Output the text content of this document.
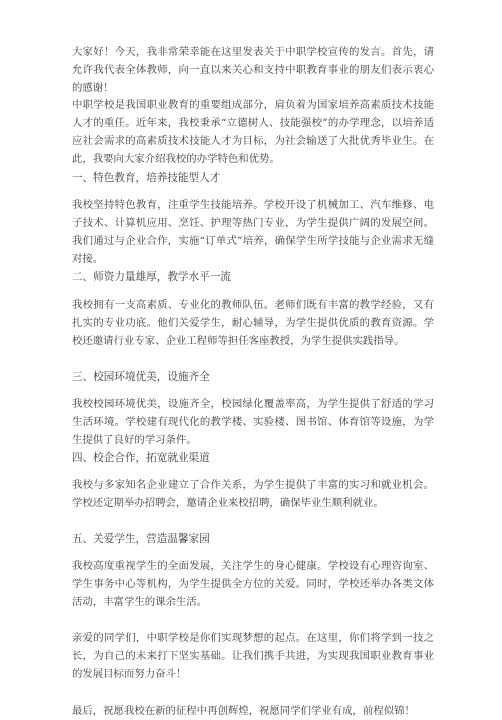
大家好！今天，我非常荣幸能在这里发表关于中职学校宣传的发言。首先，请允许我代表全体教师，向一直以来关心和支持中职教育事业的朋友们表示衷心的感谢！

中职学校是我国职业教育的重要组成部分，肩负着为国家培养高素质技术技能人才的重任。近年来，我校秉承“立德树人、技能强校”的办学理念，以培养适应社会需求的高素质技术技能人才为目标，为社会输送了大批优秀毕业生。在此，我要向大家介绍我校的办学特色和优势。

一、特色教育，培养技能型人才

我校坚持特色教育，注重学生技能培养。学校开设了机械加工、汽车维修、电子技术、计算机应用、烹饪、护理等热门专业，为学生提供广阔的发展空间。我们通过与企业合作，实施“订单式”培养，确保学生所学技能与企业需求无缝对接。

二、师资力量雄厚，教学水平一流

我校拥有一支高素质、专业化的教师队伍。老师们既有丰富的教学经验，又有扎实的专业功底。他们关爱学生，耐心辅导，为学生提供优质的教育资源。学校还邀请行业专家、企业工程师等担任客座教授，为学生提供实践指导。

三、校园环境优美，设施齐全

我校校园环境优美，设施齐全，校园绿化覆盖率高，为学生提供了舒适的学习生活环境。学校建有现代化的教学楼、实验楼、图书馆、体育馆等设施，为学生提供了良好的学习条件。

四、校企合作，拓宽就业渠道

我校与多家知名企业建立了合作关系，为学生提供了丰富的实习和就业机会。学校还定期举办招聘会，邀请企业来校招聘，确保毕业生顺利就业。

五、关爱学生，营造温馨家园

我校高度重视学生的全面发展，关注学生的身心健康。学校设有心理咨询室、学生事务中心等机构，为学生提供全方位的关爱。同时，学校还举办各类文体活动，丰富学生的课余生活。

亲爱的同学们，中职学校是你们实现梦想的起点。在这里，你们将学到一技之长，为自己的未来打下坚实基础。让我们携手共进，为实现我国职业教育事业的发展目标而努力奋斗！

最后，祝愿我校在新的征程中再创辉煌，祝愿同学们学业有成，前程似锦！
